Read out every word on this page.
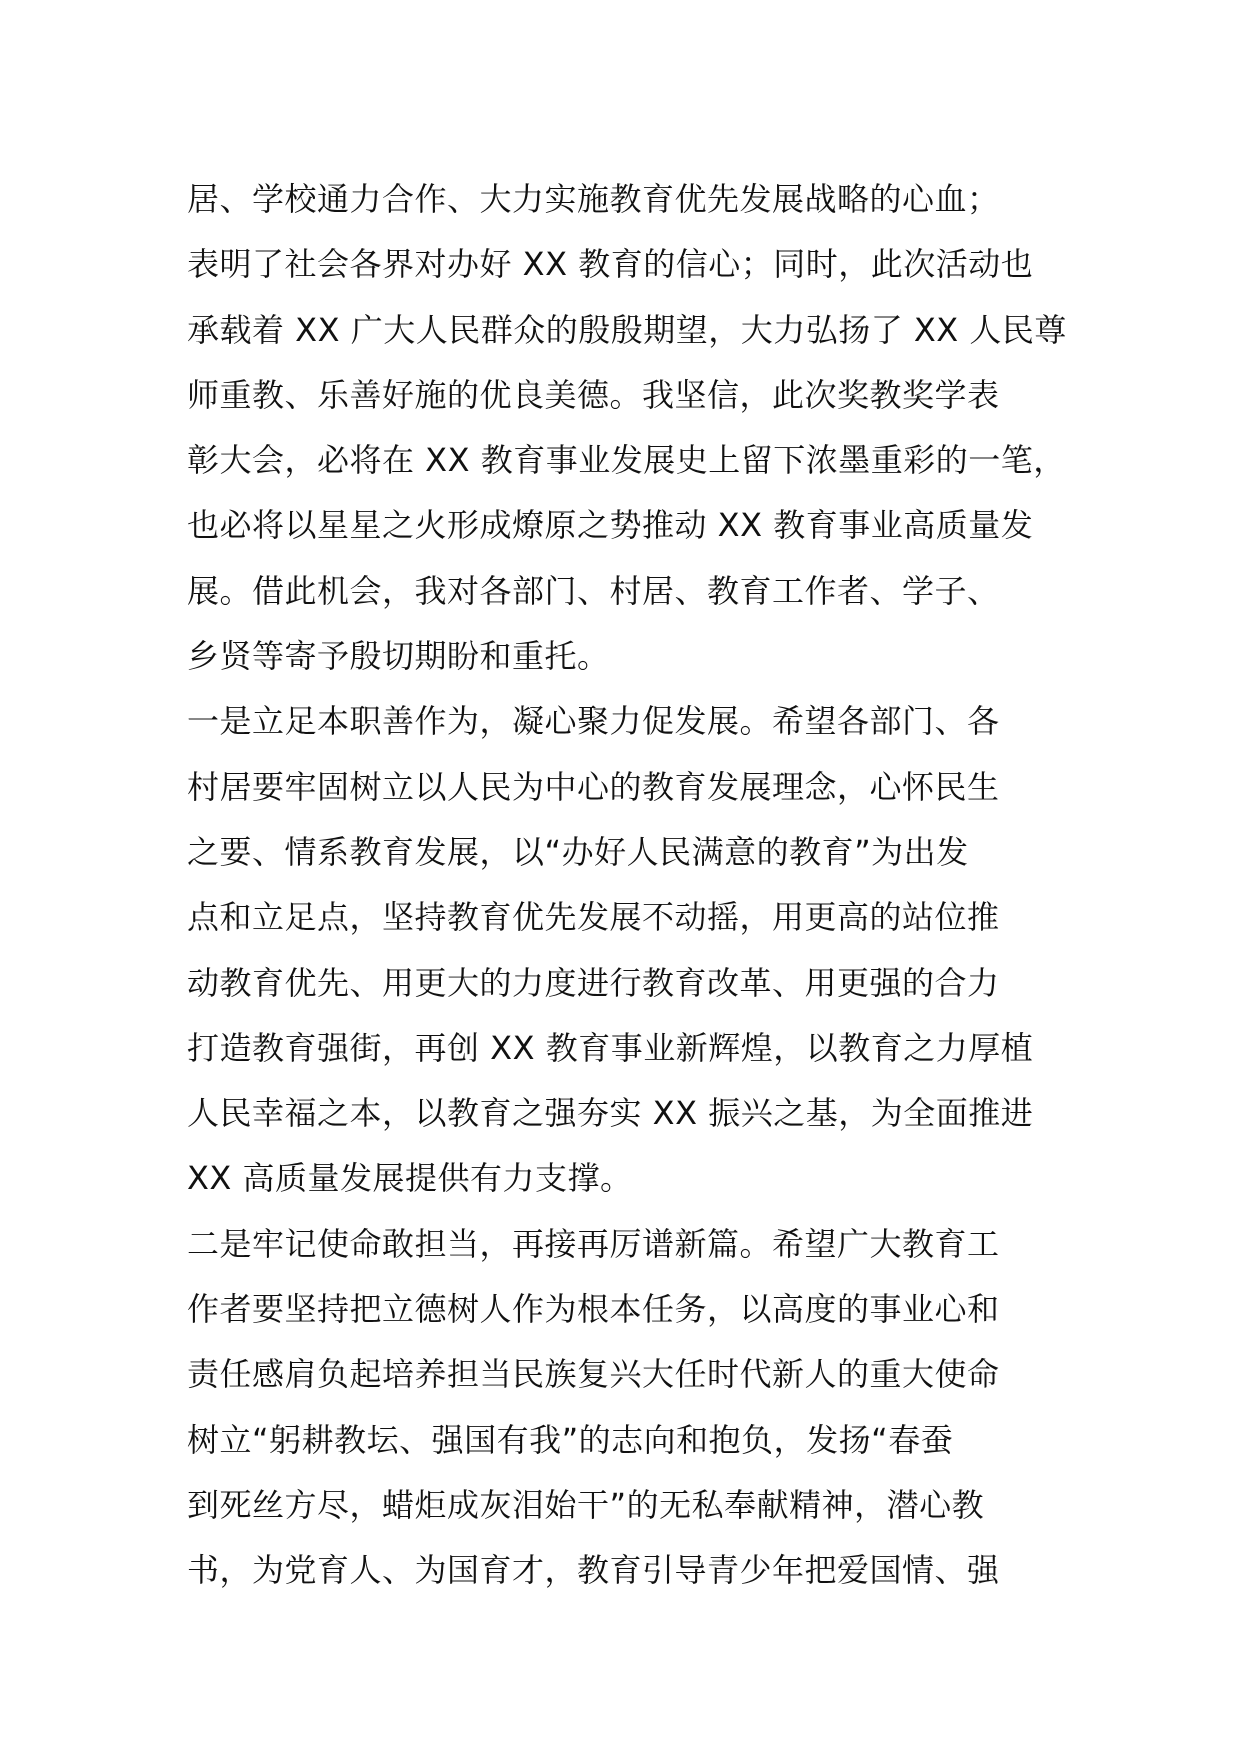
居、学校通力合作、大力实施教育优先发展战略的心血；
表明了社会各界对办好 XX 教育的信心；同时，此次活动也
承载着 XX 广大人民群众的殷殷期望，大力弘扬了 XX 人民尊
师重教、乐善好施的优良美德。我坚信，此次奖教奖学表
彰大会，必将在 XX 教育事业发展史上留下浓墨重彩的一笔，
也必将以星星之火形成燎原之势推动 XX 教育事业高质量发
展。借此机会，我对各部门、村居、教育工作者、学子、
乡贤等寄予殷切期盼和重托。
一是立足本职善作为，凝心聚力促发展。希望各部门、各
村居要牢固树立以人民为中心的教育发展理念，心怀民生
之要、情系教育发展，以“办好人民满意的教育”为出发
点和立足点，坚持教育优先发展不动摇，用更高的站位推
动教育优先、用更大的力度进行教育改革、用更强的合力
打造教育强街，再创 XX 教育事业新辉煌，以教育之力厚植
人民幸福之本，以教育之强夯实 XX 振兴之基，为全面推进
XX 高质量发展提供有力支撑。
二是牢记使命敢担当，再接再厉谱新篇。希望广大教育工
作者要坚持把立德树人作为根本任务，以高度的事业心和
责任感肩负起培养担当民族复兴大任时代新人的重大使命
树立“躬耕教坛、强国有我”的志向和抱负，发扬“春蚕
到死丝方尽，蜡炬成灰泪始干”的无私奉献精神，潜心教
书，为党育人、为国育才，教育引导青少年把爱国情、强
